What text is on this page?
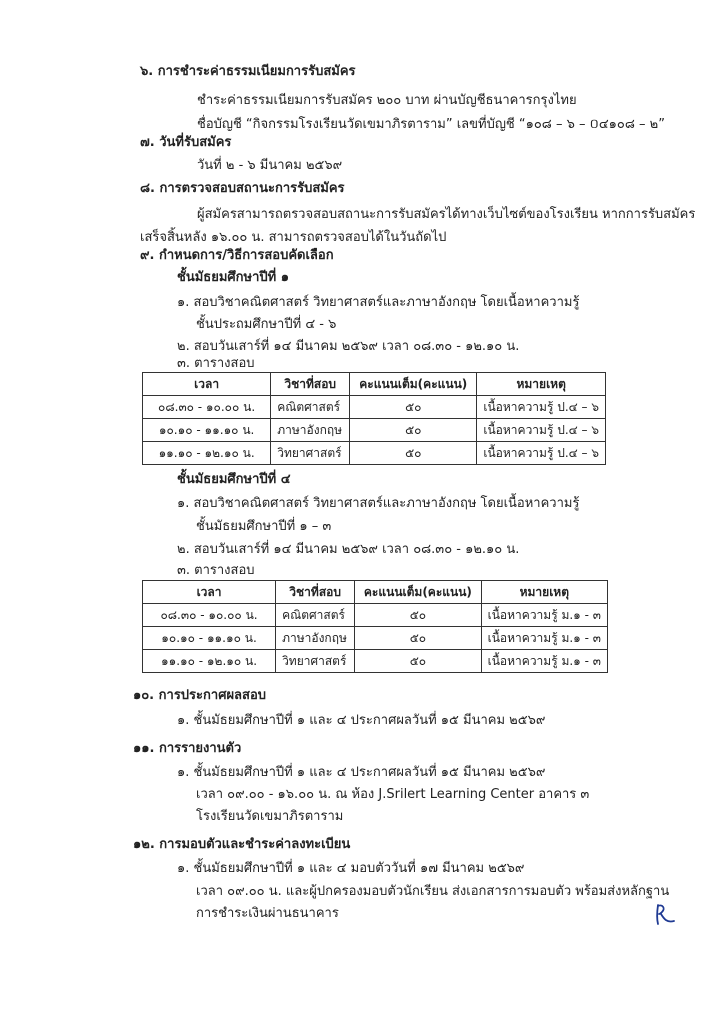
๖. การชำระค่าธรรมเนียมการรับสมัคร
ชำระค่าธรรมเนียมการรับสมัคร ๒๐๐ บาท ผ่านบัญชีธนาคารกรุงไทย
ชื่อบัญชี “กิจกรรมโรงเรียนวัดเขมาภิรตาราม” เลขที่บัญชี “๑๐๘ – ๖ – ០๔๑๐๘ – ๒”
๗. วันที่รับสมัคร
วันที่ ๒ - ๖ มีนาคม ๒๕๖๙
๘. การตรวจสอบสถานะการรับสมัคร
ผู้สมัครสามารถตรวจสอบสถานะการรับสมัครได้ทางเว็บไซต์ของโรงเรียน หากการรับสมัคร
เสร็จสิ้นหลัง ๑๖.๐๐ น. สามารถตรวจสอบได้ในวันถัดไป
๙. กำหนดการ/วิธีการสอบคัดเลือก
ชั้นมัธยมศึกษาปีที่ ๑
๑. สอบวิชาคณิตศาสตร์ วิทยาศาสตร์และภาษาอังกฤษ โดยเนื้อหาความรู้
ชั้นประถมศึกษาปีที่ ๔ - ๖
๒. สอบวันเสาร์ที่ ๑๔ มีนาคม ๒๕๖๙ เวลา ๐๘.๓๐ - ๑๒.๑๐ น.
๓. ตารางสอบ
เวลา	วิชาที่สอบ	คะแนนเต็ม(คะแนน)	หมายเหตุ
๐๘.๓๐ - ๑๐.๐๐ น.	คณิตศาสตร์	๕๐	เนื้อหาความรู้ ป.๔ – ๖
๑๐.๑๐ - ๑๑.๑๐ น.	ภาษาอังกฤษ	๕๐	เนื้อหาความรู้ ป.๔ – ๖
๑๑.๑๐ - ๑๒.๑๐ น.	วิทยาศาสตร์	๕๐	เนื้อหาความรู้ ป.๔ – ๖
ชั้นมัธยมศึกษาปีที่ ๔
๑. สอบวิชาคณิตศาสตร์ วิทยาศาสตร์และภาษาอังกฤษ โดยเนื้อหาความรู้
ชั้นมัธยมศึกษาปีที่ ๑ – ๓
๒. สอบวันเสาร์ที่ ๑๔ มีนาคม ๒๕๖๙ เวลา ๐๘.๓๐ - ๑๒.๑๐ น.
๓. ตารางสอบ
เวลา	วิชาที่สอบ	คะแนนเต็ม(คะแนน)	หมายเหตุ
๐๘.๓๐ - ๑๐.๐๐ น.	คณิตศาสตร์	๕๐	เนื้อหาความรู้ ม.๑ - ๓
๑๐.๑๐ - ๑๑.๑๐ น.	ภาษาอังกฤษ	๕๐	เนื้อหาความรู้ ม.๑ - ๓
๑๑.๑๐ - ๑๒.๑๐ น.	วิทยาศาสตร์	๕๐	เนื้อหาความรู้ ม.๑ - ๓
๑๐. การประกาศผลสอบ
๑. ชั้นมัธยมศึกษาปีที่ ๑ และ ๔ ประกาศผลวันที่ ๑๕ มีนาคม ๒๕๖๙
๑๑. การรายงานตัว
๑. ชั้นมัธยมศึกษาปีที่ ๑ และ ๔ ประกาศผลวันที่ ๑๕ มีนาคม ๒๕๖๙
เวลา ๐๙.๐๐ - ๑๖.๐๐ น. ณ ห้อง J.Srilert Learning Center อาคาร ๓
โรงเรียนวัดเขมาภิรตาราม
๑๒. การมอบตัวและชำระค่าลงทะเบียน
๑. ชั้นมัธยมศึกษาปีที่ ๑ และ ๔ มอบตัววันที่ ๑๗ มีนาคม ๒๕๖๙
เวลา ๐๙.๐๐ น. และผู้ปกครองมอบตัวนักเรียน ส่งเอกสารการมอบตัว พร้อมส่งหลักฐาน
การชำระเงินผ่านธนาคาร
